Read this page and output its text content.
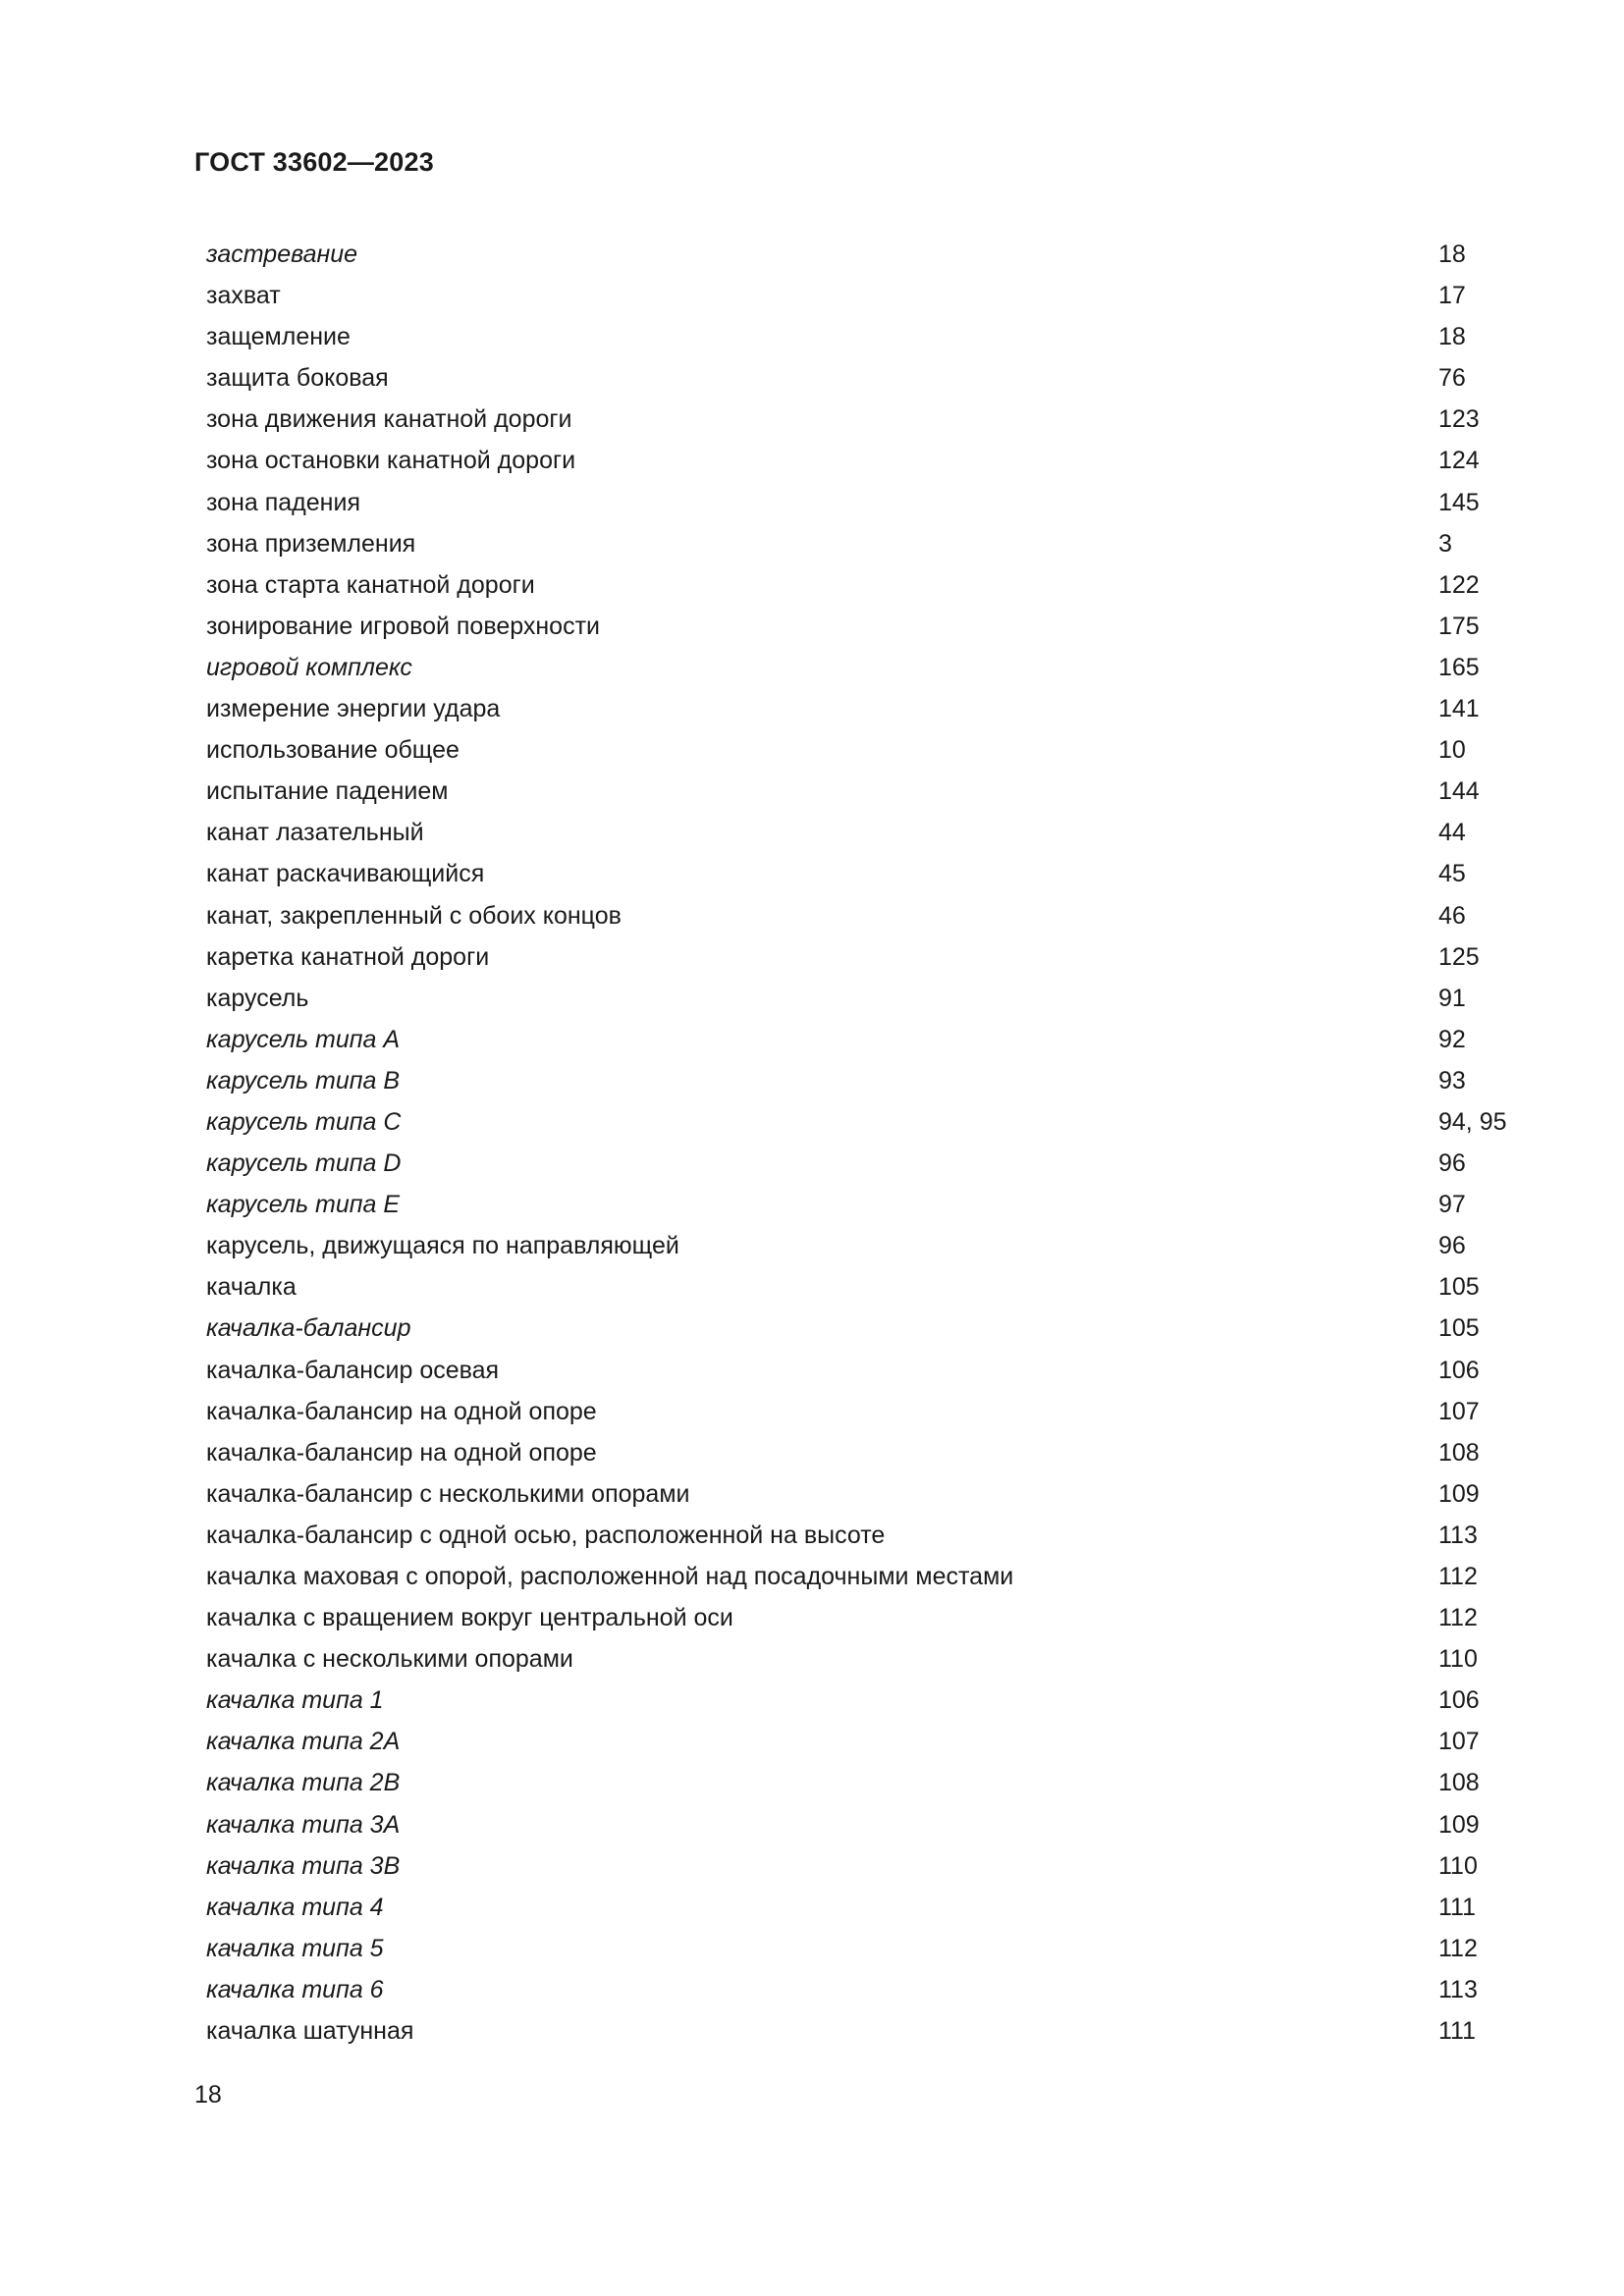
ГОСТ 33602—2023
застревание	18
захват	17
защемление	18
защита боковая	76
зона движения канатной дороги	123
зона остановки канатной дороги	124
зона падения	145
зона приземления	3
зона старта канатной дороги	122
зонирование игровой поверхности	175
игровой комплекс	165
измерение энергии удара	141
использование общее	10
испытание падением	144
канат лазательный	44
канат раскачивающийся	45
канат, закрепленный с обоих концов	46
каретка канатной дороги	125
карусель	91
карусель типа А	92
карусель типа В	93
карусель типа С	94, 95
карусель типа D	96
карусель типа Е	97
карусель, движущаяся по направляющей	96
качалка	105
качалка-балансир	105
качалка-балансир осевая	106
качалка-балансир на одной опоре	107
качалка-балансир на одной опоре	108
качалка-балансир с несколькими опорами	109
качалка-балансир с одной осью, расположенной на высоте	113
качалка маховая с опорой, расположенной над посадочными местами	112
качалка с вращением вокруг центральной оси	112
качалка с несколькими опорами	110
качалка типа 1	106
качалка типа 2А	107
качалка типа 2В	108
качалка типа 3А	109
качалка типа 3В	110
качалка типа 4	111
качалка типа 5	112
качалка типа 6	113
качалка шатунная	111
18
